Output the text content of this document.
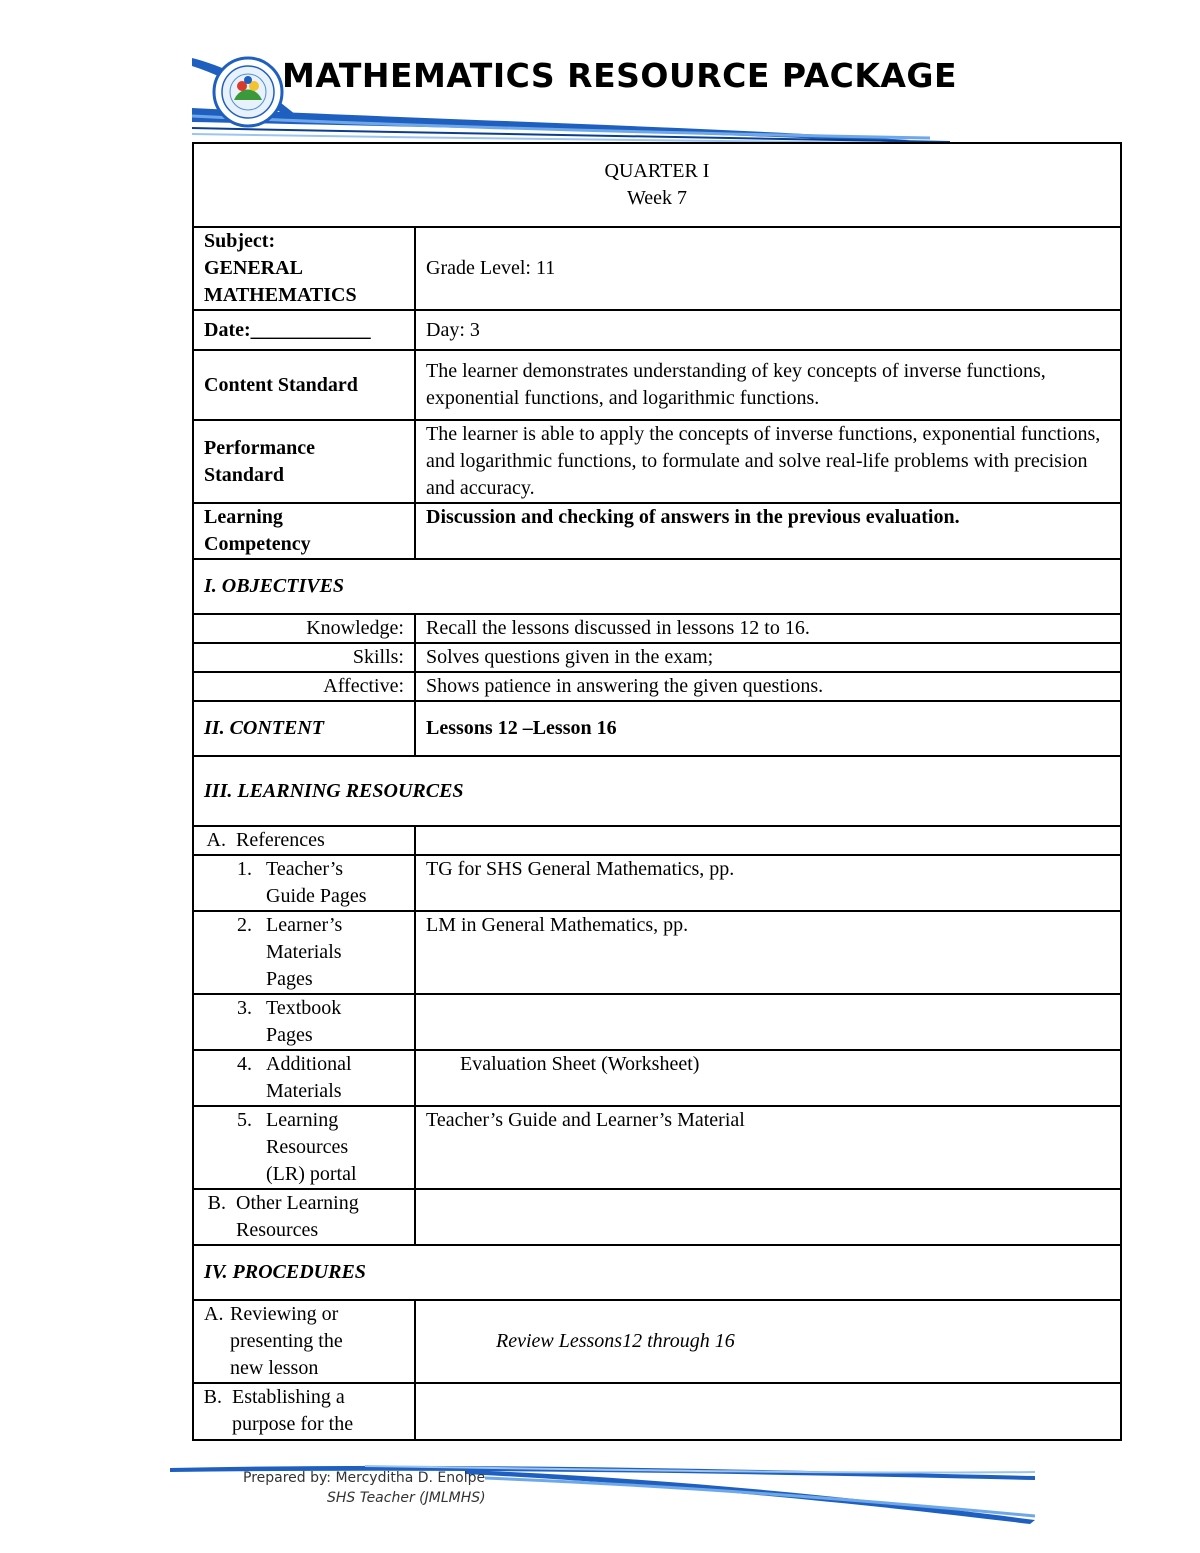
MATHEMATICS RESOURCE PACKAGE
QUARTER I
Week 7	

Subject:
GENERAL
MATHEMATICS	Grade Level: 11
Date:____________	Day: 3
Content Standard	The learner demonstrates understanding of key concepts of inverse functions, exponential functions, and logarithmic functions.

Performance
Standard	The learner is able to apply the concepts of inverse functions, exponential functions, and logarithmic functions, to formulate and solve real-life problems with precision and accuracy.

Learning
Competency	Discussion and checking of answers in the previous evaluation.
I. OBJECTIVES	
Knowledge:	Recall the lessons discussed in lessons 12 to 16.
Skills:	Solves questions given in the exam;
Affective:	Shows patience in answering the given questions.
II. CONTENT	Lessons 12 –Lesson 16
III. LEARNING RESOURCES	

A. References	

1. Teacher’s
Guide Pages	TG for SHS General Mathematics, pp.

2. Learner’s
Materials
Pages	LM in General Mathematics, pp.

3. Textbook
Pages	

4. Additional
Materials	Evaluation Sheet (Worksheet)

5. Learning
Resources
(LR) portal	Teacher’s Guide and Learner’s Material

B. Other Learning
Resources	

IV. PROCEDURES	

A. Reviewing or
presenting the
new lesson	Review Lessons12 through 16

B. Establishing a
purpose for the	

Prepared by: Mercyditha D. Enolpe
SHS Teacher (JMLMHS)
